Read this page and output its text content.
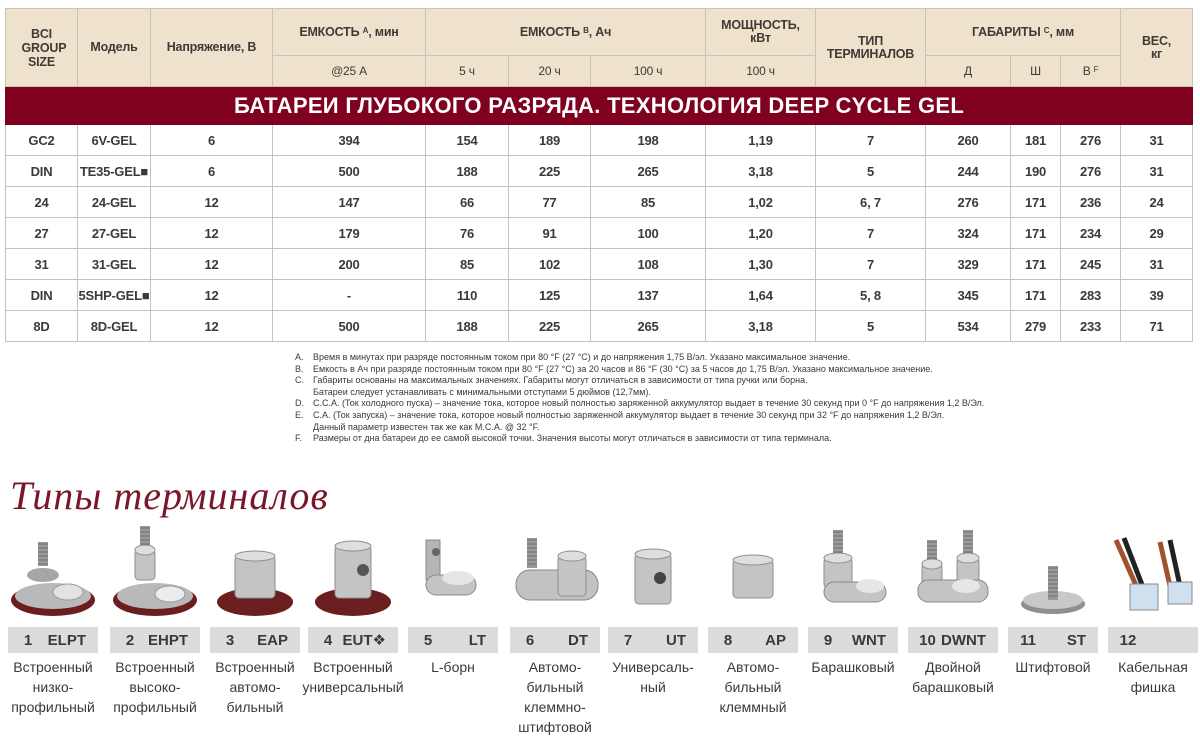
BCI GROUP SIZE	Модель	Напряжение, В	ЕМКОСТЬ $^A$, мин	ЕМКОСТЬ $^B$, Ач			МОЩНОСТЬ, кВт	ТИП ТЕРМИНАЛОВ	ГАБАРИТЫ $^C$, мм			ВЕС, кг
			@25 А	5 ч	20 ч	100 ч	100 ч		Д	Ш	В $^F$
БАТАРЕИ ГЛУБОКОГО РАЗРЯДА. ТЕХНОЛОГИЯ DEEP CYCLE GEL												
GC2	6V-GEL	6	394	154	189	198	1,19	7	260	181	276	31
DIN	TE35-GEL■	6	500	188	225	265	3,18	5	244	190	276	31
24	24-GEL	12	147	66	77	85	1,02	6, 7	276	171	236	24
27	27-GEL	12	179	76	91	100	1,20	7	324	171	234	29
31	31-GEL	12	200	85	102	108	1,30	7	329	171	245	31
DIN	5SHP-GEL■	12	-	110	125	137	1,64	5, 8	345	171	283	39
8D	8D-GEL	12	500	188	225	265	3,18	5	534	279	233	71
A.	Время в минутах при разряде постоянным током при 80 °F (27 °C) и до напряжения 1,75 В/эл. Указано максимальное значение.
B.	Емкость в Ач при разряде постоянным током при 80 °F (27 °C) за 20 часов и 86 °F (30 °C) за 5 часов до 1,75 В/эл. Указано максимальное значение.
C.	Габариты основаны на максимальных значениях. Габариты могут отличаться в зависимости от типа ручки или борна.
Батареи следует устанавливать с минимальными отступами 5 дюймов (12,7мм).
D.	С.С.А. (Ток холодного пуска) – значение тока, которое новый полностью заряженной аккумулятор выдает в течение 30 секунд при 0 °F до напряжения 1,2 В/Эл.
E.	С.А. (Ток запуска) – значение тока, которое новый полностью заряженной аккумулятор выдает в течение 30 секунд при 32 °F до напряжения 1,2 В/Эл.
Данный параметр известен так же как М.С.А. @ 32 °F.
F.	Размеры от дна батареи до ее самой высокой точки. Значения высоты могут отличаться в зависимости от типа терминала.
Типы терминалов
1	ELPT
Встроенный низко-профильный
2 EHPT
Встроенный высоко-профильный
3	EAP
Встроенный автомо-бильный
4 EUT❖
Встроенный универсальный
5	LT
L-борн
6	DT
Автомо-бильный клеммно-штифтовой
7	UT
Универсаль-ный
8	AP
Автомо-бильный клеммный
9	WNT
Барашковый
10 DWNT
Двойной барашковый
11	ST
Штифтовой
12
Кабельная фишка
